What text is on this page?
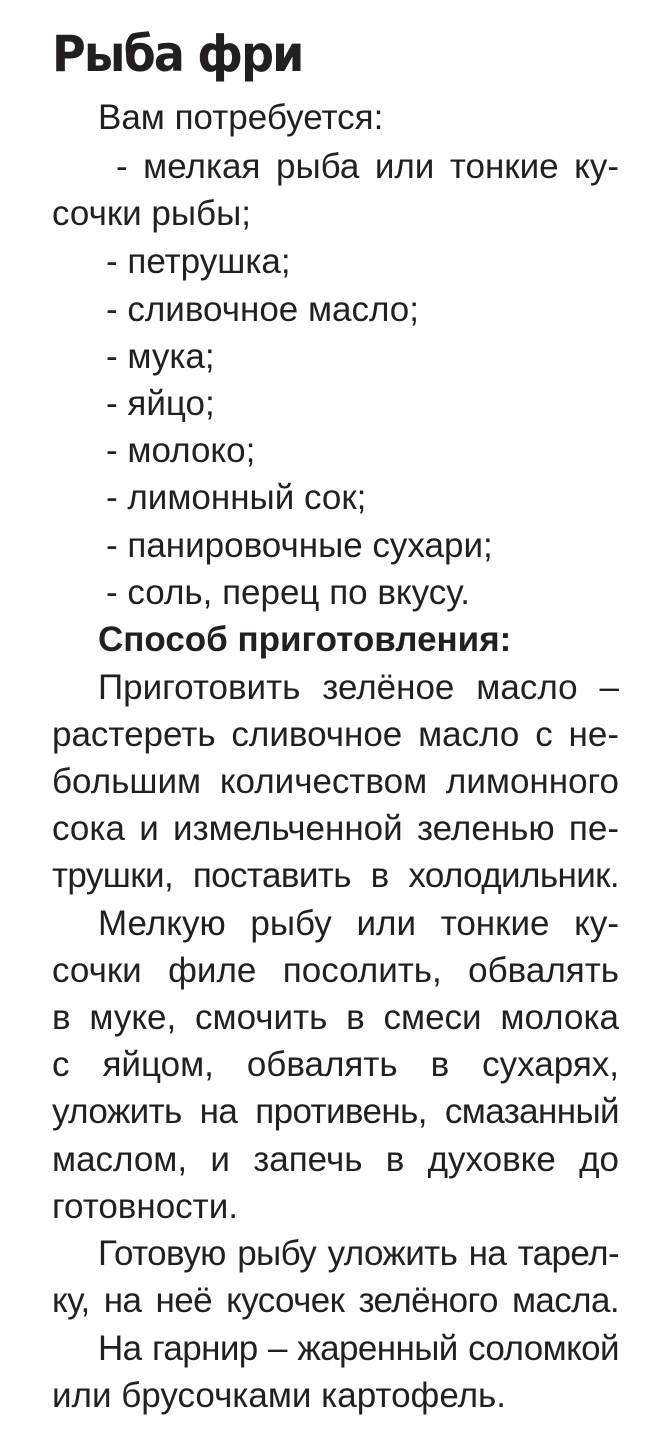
Рыба фри
Вам потребуется:
- мелкая рыба или тонкие ку-
сочки рыбы;
- петрушка;
- сливочное масло;
- мука;
- яйцо;
- молоко;
- лимонный сок;
- панировочные сухари;
- соль, перец по вкусу.
Способ приготовления:
Приготовить зелёное масло –
растереть сливочное масло с не-
большим количеством лимонного
сока и измельченной зеленью пе-
трушки, поставить в холодильник.
Мелкую рыбу или тонкие ку-
сочки филе посолить, обвалять
в муке, смочить в смеси молока
с яйцом, обвалять в сухарях,
уложить на противень, смазанный
маслом, и запечь в духовке до
готовности.
Готовую рыбу уложить на тарел-
ку, на неё кусочек зелёного масла.
На гарнир – жаренный соломкой
или брусочками картофель.
